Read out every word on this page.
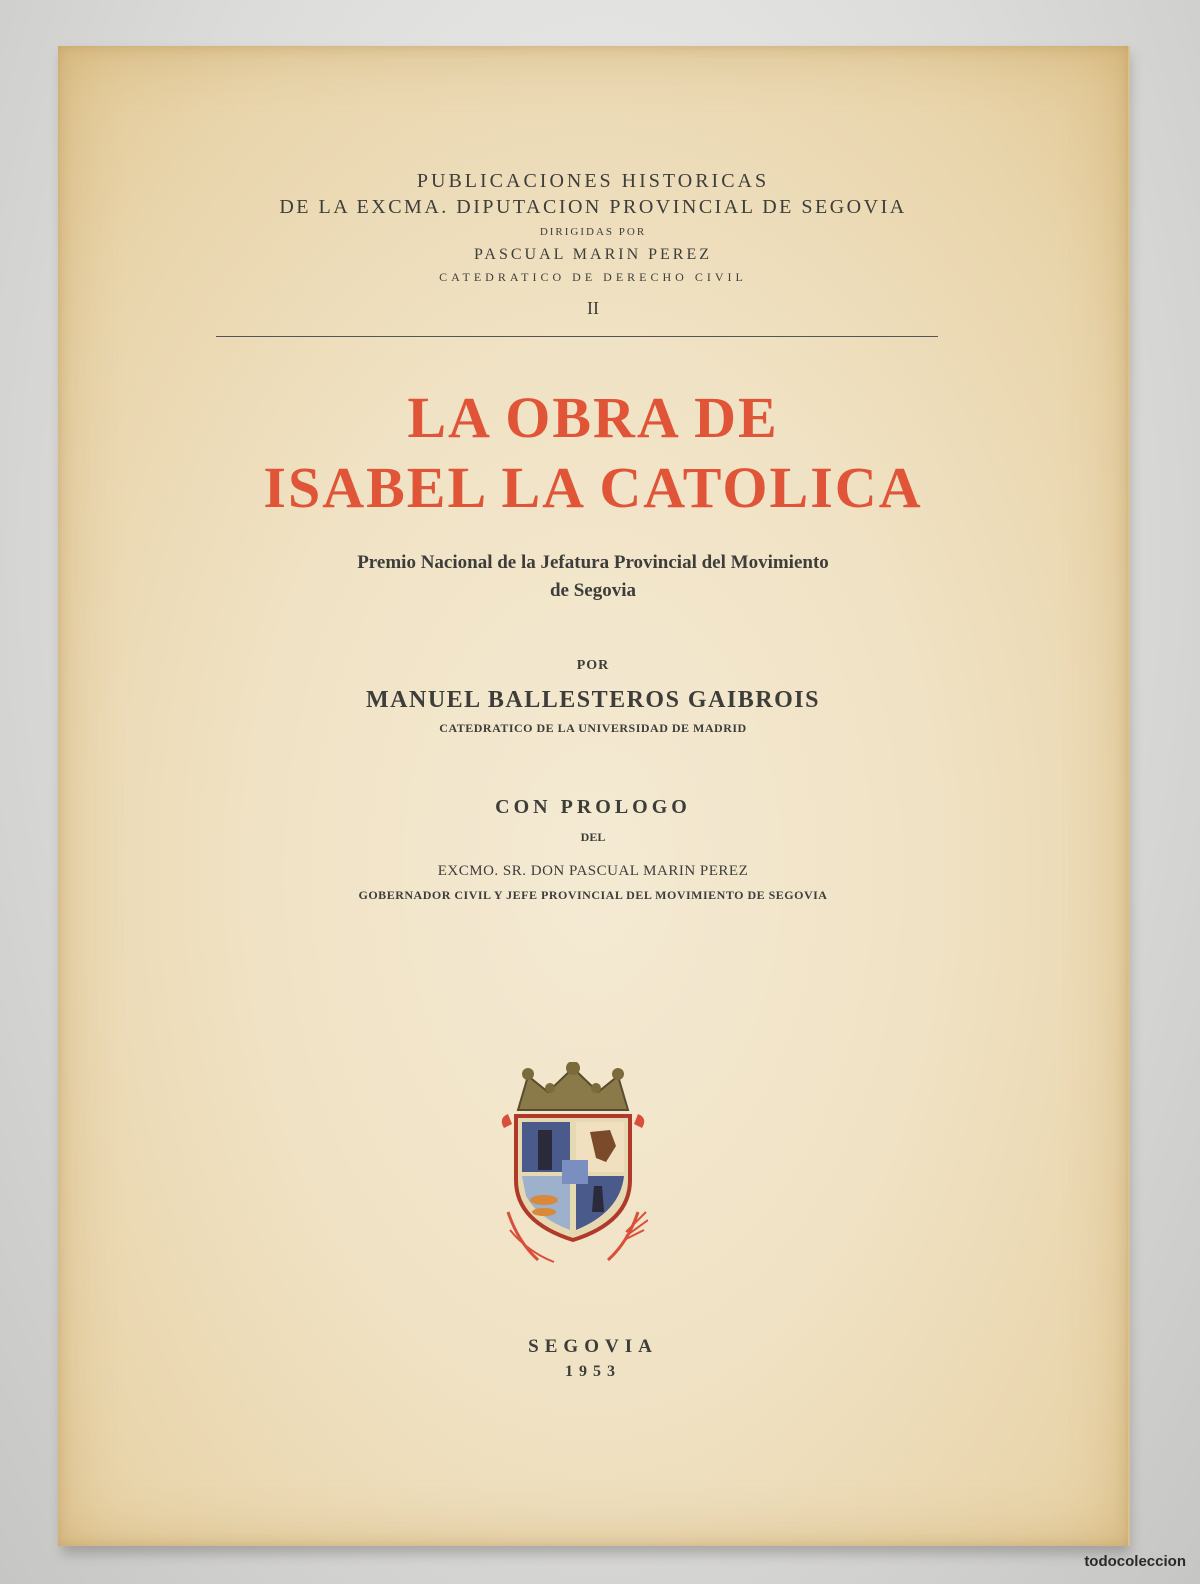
PUBLICACIONES HISTORICAS
DE LA EXCMA. DIPUTACION PROVINCIAL DE SEGOVIA
DIRIGIDAS POR
PASCUAL MARIN PEREZ
CATEDRATICO DE DERECHO CIVIL
II
LA OBRA DE
ISABEL LA CATOLICA
Premio Nacional de la Jefatura Provincial del Movimiento
de Segovia
POR
MANUEL BALLESTEROS GAIBROIS
CATEDRATICO DE LA UNIVERSIDAD DE MADRID
CON PROLOGO
DEL
EXCMO. SR. DON PASCUAL MARIN PEREZ
GOBERNADOR CIVIL Y JEFE PROVINCIAL DEL MOVIMIENTO DE SEGOVIA
SEGOVIA
1953
todocoleccion
